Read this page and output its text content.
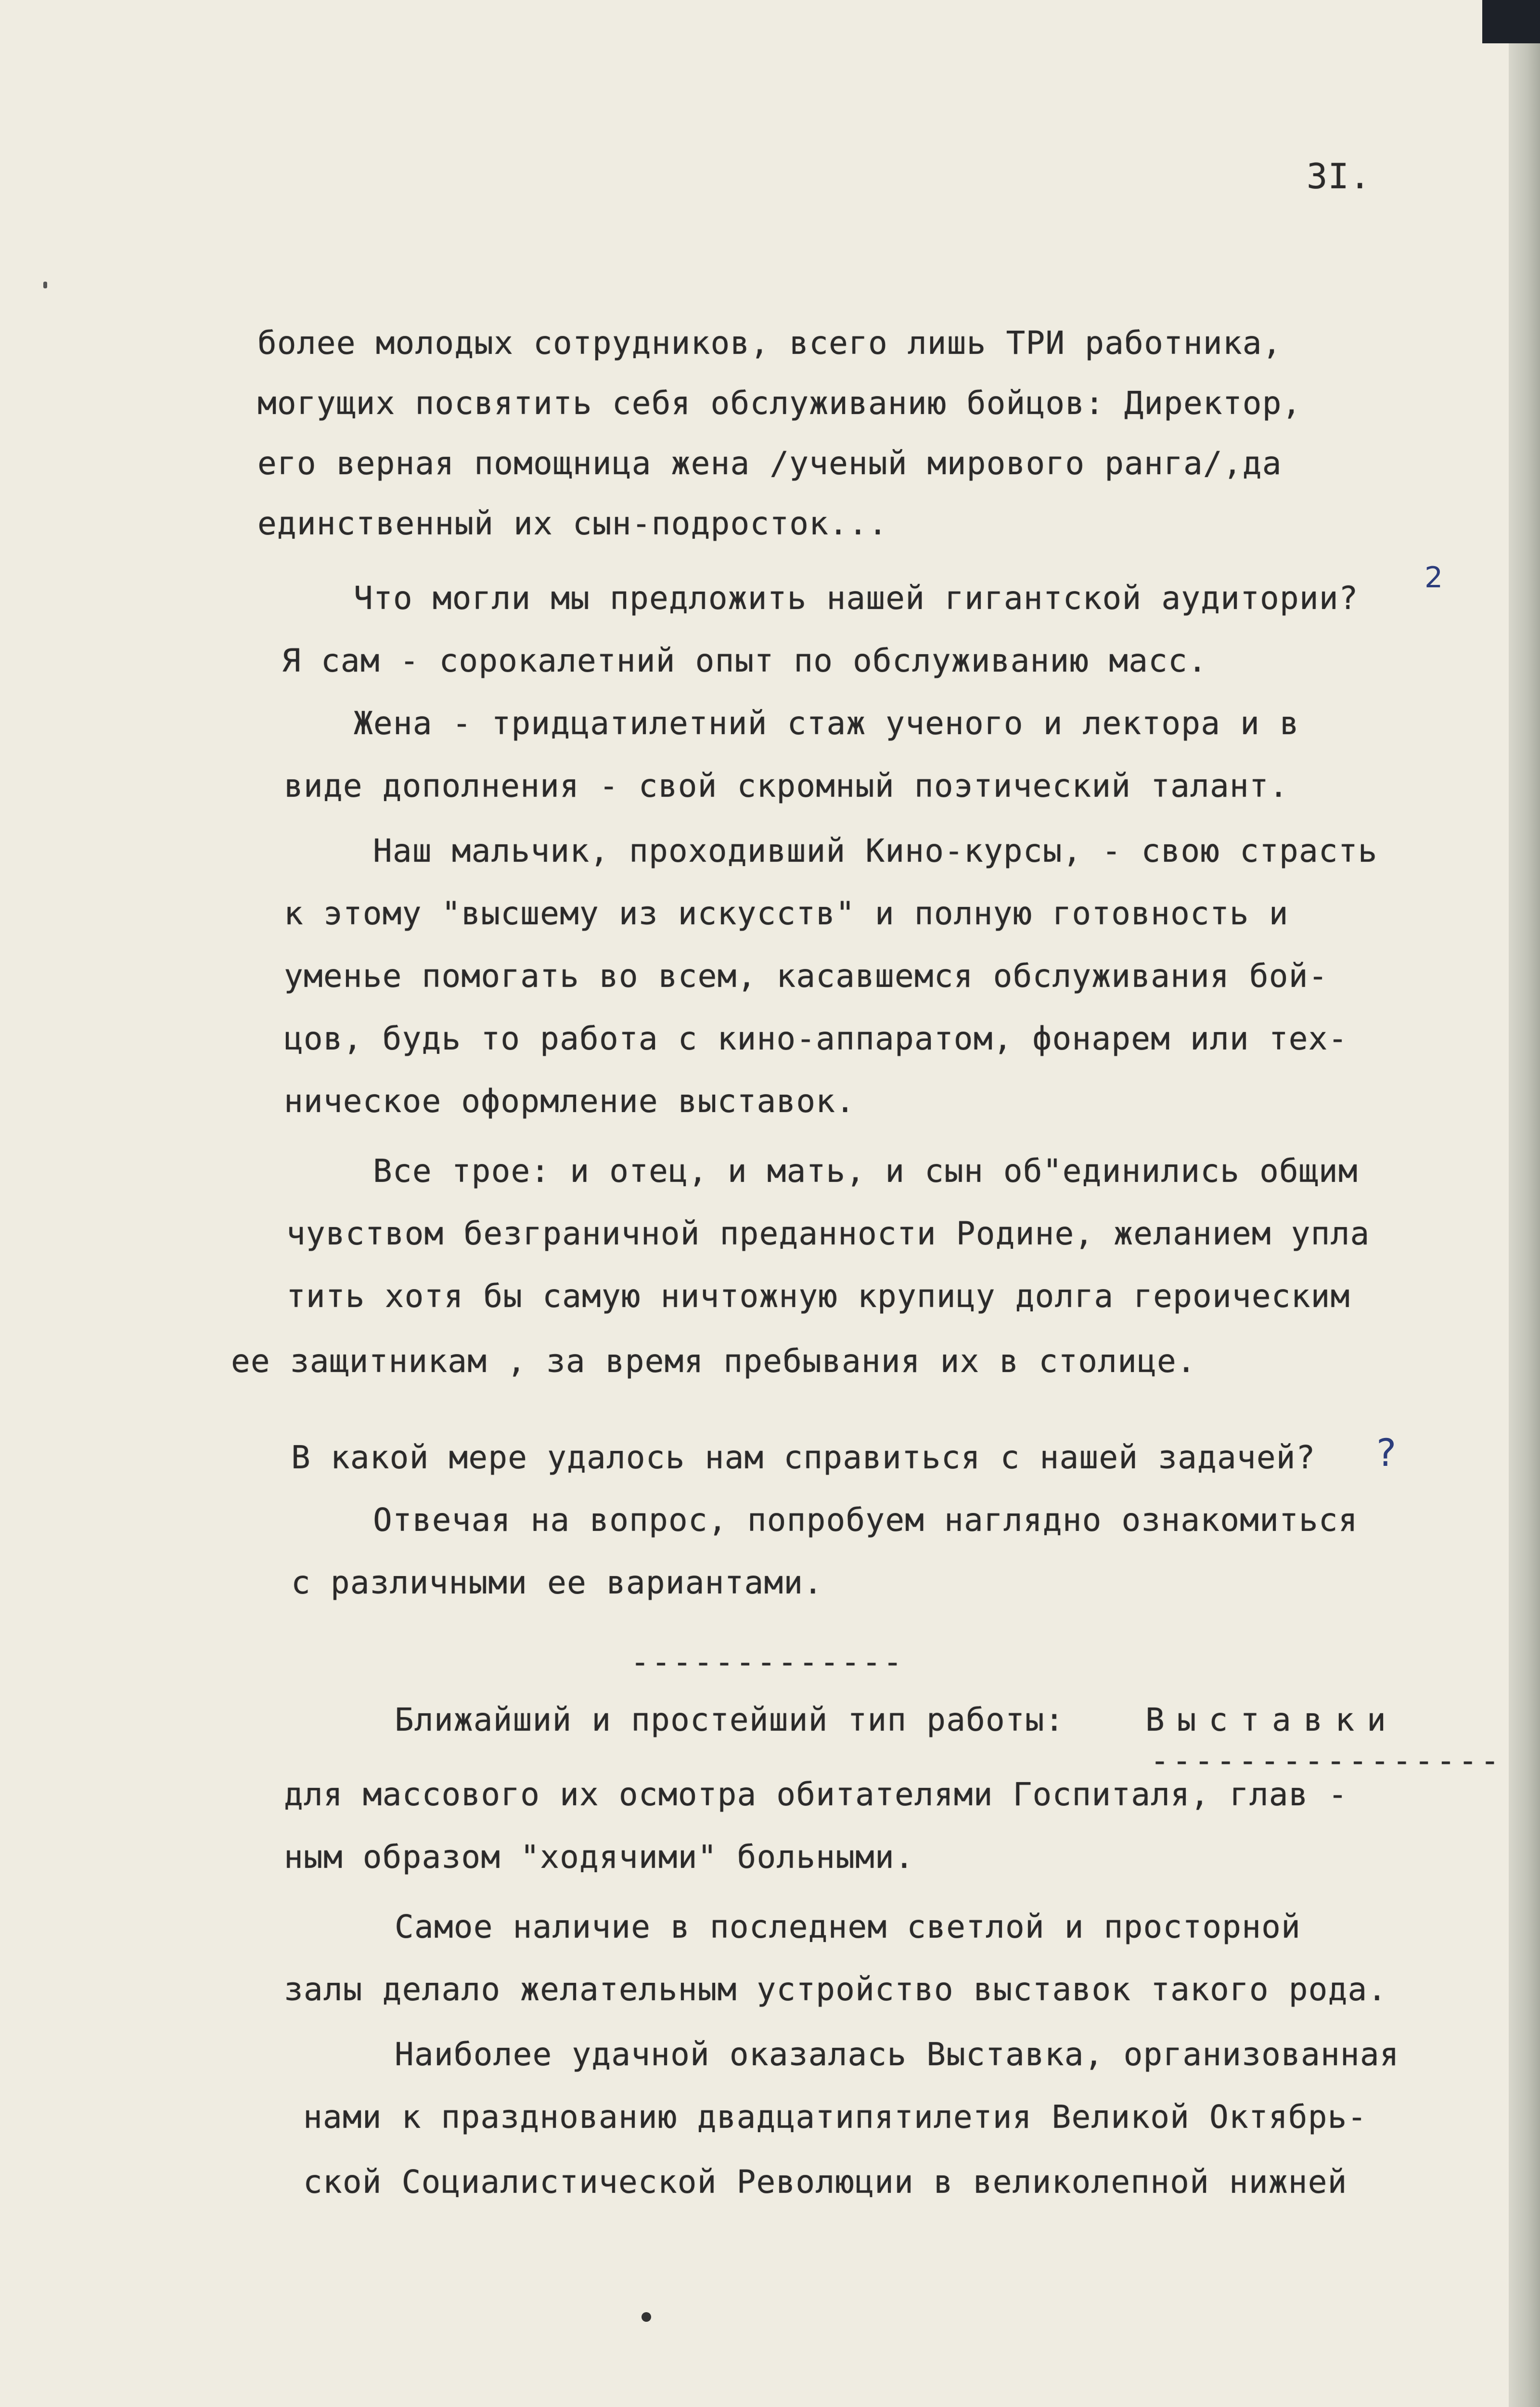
3I.
более молодых сотрудников, всего лишь ТРИ работника,
могущих посвятить себя обслуживанию бойцов: Директор,
его верная помощница жена /ученый мирового ранга/,да
единственный их сын-подросток...
Что могли мы предложить нашей гигантской аудитории?
Я сам - сорокалетний опыт по обслуживанию масс.
Жена - тридцатилетний стаж ученого и лектора и в
виде дополнения - свой скромный поэтический талант.
Наш мальчик, проходивший Кино-курсы, - свою страсть
к этому "высшему из искусств" и полную готовность и
уменье помогать во всем, касавшемся обслуживания бой-
цов, будь то работа с кино-аппаратом, фонарем или тех-
ническое оформление выставок.
Все трое: и отец, и мать, и сын об"единились общим
чувством безграничной преданности Родине, желанием упла
тить хотя бы самую ничтожную крупицу долга героическим
ее защитникам , за время пребывания их в столице.
В какой мере удалось нам справиться с нашей задачей?
Отвечая на вопрос, попробуем наглядно ознакомиться
с различными ее вариантами.
-------------
Ближайший и простейший тип работы: Выставки
----------------
для массового их осмотра обитателями Госпиталя, глав -
ным образом "ходячими" больными.
Самое наличие в последнем светлой и просторной
залы делало желательным устройство выставок такого рода.
Наиболее удачной оказалась Выставка, организованная
нами к празднованию двадцатипятилетия Великой Октябрь-
ской Социалистической Революции в великолепной нижней
2
?
